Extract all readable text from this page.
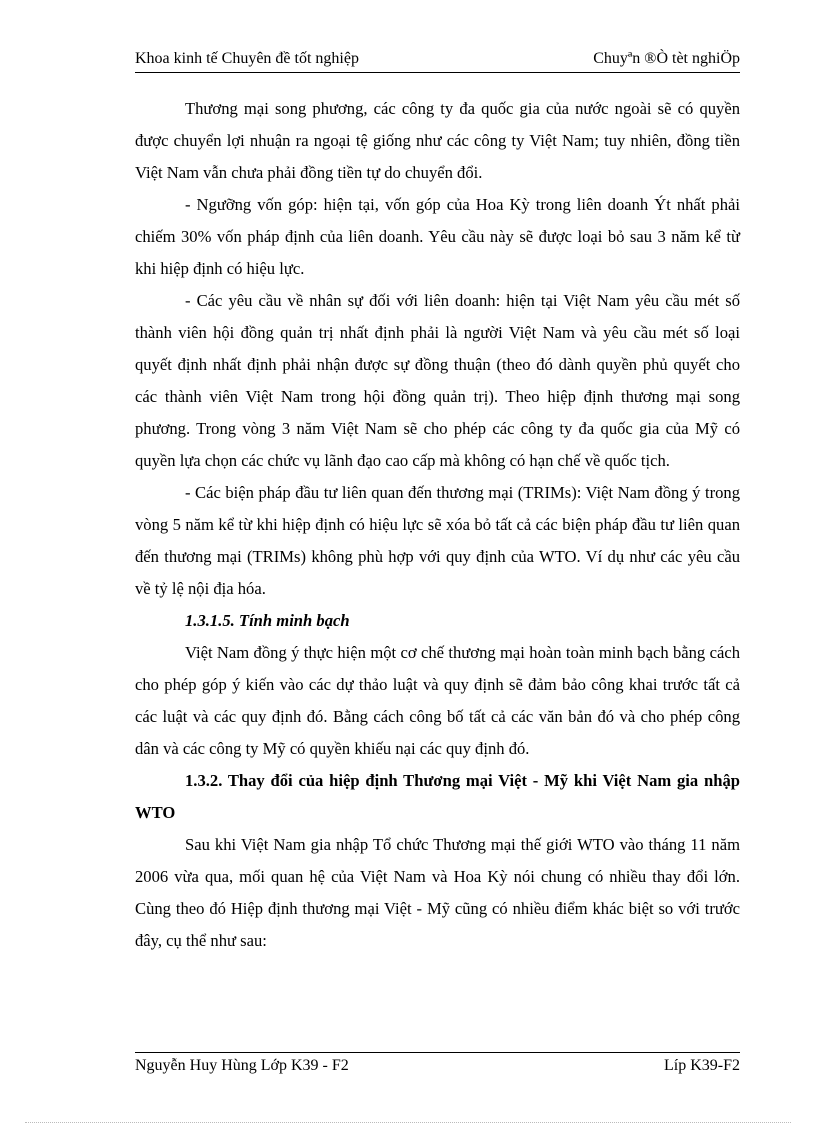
Khoa kinh tế Chuyên đề tốt nghiệp	Chuyªn ®Ò tèt nghiÖp

Thương mại song phương, các công ty đa quốc gia của nước ngoài sẽ có quyền được chuyển lợi nhuận ra ngoại tệ giống như các công ty Việt Nam; tuy nhiên, đồng tiền Việt Nam vẫn chưa phải đồng tiền tự do chuyển đổi.

- Ngưỡng vốn góp: hiện tại, vốn góp của Hoa Kỳ trong liên doanh Ýt nhất phải chiếm 30% vốn pháp định của liên doanh. Yêu cầu này sẽ được loại bỏ sau 3 năm kể từ khi hiệp định có hiệu lực.

- Các yêu cầu về nhân sự đối với liên doanh: hiện tại Việt Nam yêu cầu mét số thành viên hội đồng quản trị nhất định phải là người Việt Nam và yêu cầu mét số loại quyết định nhất định phải nhận được sự đồng thuận (theo đó dành quyền phủ quyết cho các thành viên Việt Nam trong hội đồng quản trị). Theo hiệp định thương mại song phương. Trong vòng 3 năm Việt Nam sẽ cho phép các công ty đa quốc gia của Mỹ có quyền lựa chọn các chức vụ lãnh đạo cao cấp mà không có hạn chế về quốc tịch.

- Các biện pháp đầu tư liên quan đến thương mại (TRIMs): Việt Nam đồng ý trong vòng 5 năm kể từ khi hiệp định có hiệu lực sẽ xóa bỏ tất cả các biện pháp đầu tư liên quan đến thương mại (TRIMs) không phù hợp với quy định của WTO. Ví dụ như các yêu cầu về tỷ lệ nội địa hóa.

1.3.1.5. Tính minh bạch

Việt Nam đồng ý thực hiện một cơ chế thương mại hoàn toàn minh bạch bằng cách cho phép góp ý kiến vào các dự thảo luật và quy định sẽ đảm bảo công khai trước tất cả các luật và các quy định đó. Bằng cách công bố tất cả các văn bản đó và cho phép công dân và các công ty Mỹ có quyền khiếu nại các quy định đó.

1.3.2. Thay đổi của hiệp định Thương mại Việt - Mỹ khi Việt Nam gia nhập WTO

Sau khi Việt Nam gia nhập Tổ chức Thương mại thế giới WTO vào tháng 11 năm 2006 vừa qua, mối quan hệ của Việt Nam và Hoa Kỳ nói chung có nhiều thay đổi lớn. Cùng theo đó Hiệp định thương mại Việt - Mỹ cũng có nhiều điểm khác biệt so với trước đây, cụ thể như sau:

Nguyễn Huy Hùng Lớp K39 - F2	Líp K39-F2
